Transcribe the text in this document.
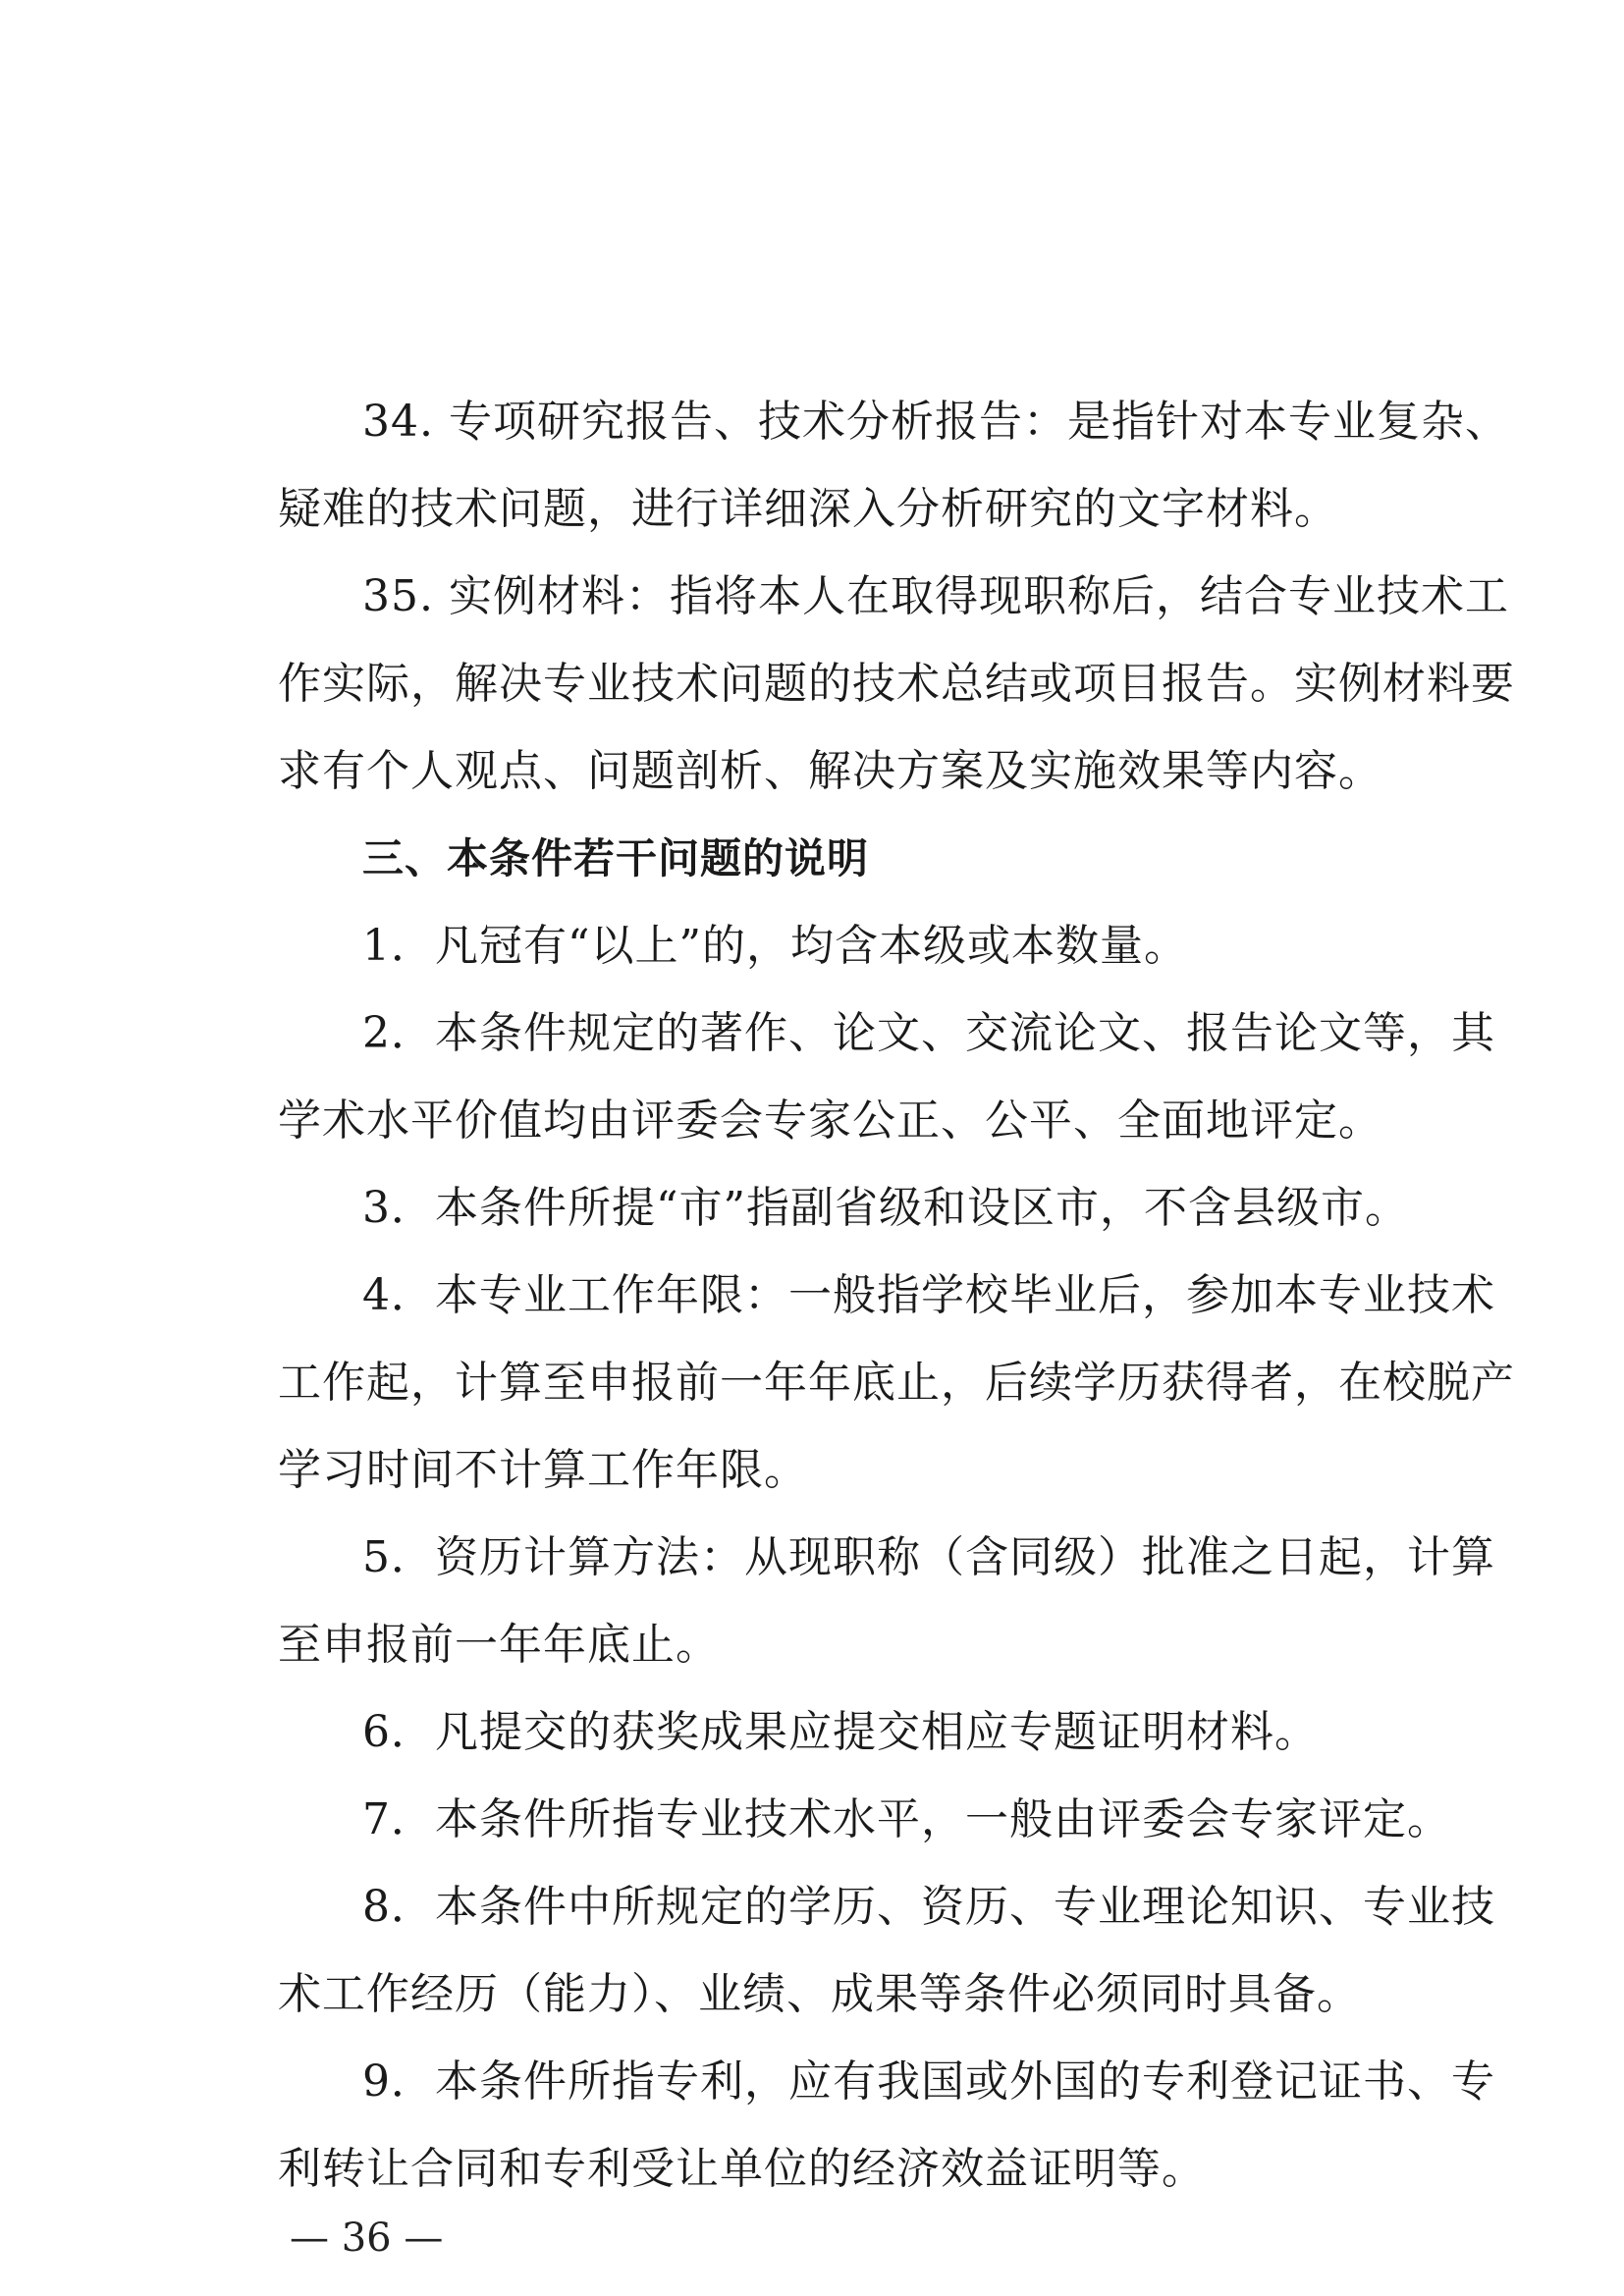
34. 专项研究报告、技术分析报告：是指针对本专业复杂、
疑难的技术问题，进行详细深入分析研究的文字材料。
35. 实例材料：指将本人在取得现职称后，结合专业技术工
作实际，解决专业技术问题的技术总结或项目报告。实例材料要
求有个人观点、问题剖析、解决方案及实施效果等内容。
三、本条件若干问题的说明
1．凡冠有“以上”的，均含本级或本数量。
2．本条件规定的著作、论文、交流论文、报告论文等，其
学术水平价值均由评委会专家公正、公平、全面地评定。
3．本条件所提“市”指副省级和设区市，不含县级市。
4．本专业工作年限：一般指学校毕业后，参加本专业技术
工作起，计算至申报前一年年底止，后续学历获得者，在校脱产
学习时间不计算工作年限。
5．资历计算方法：从现职称（含同级）批准之日起，计算
至申报前一年年底止。
6．凡提交的获奖成果应提交相应专题证明材料。
7．本条件所指专业技术水平，一般由评委会专家评定。
8．本条件中所规定的学历、资历、专业理论知识、专业技
术工作经历（能力）、业绩、成果等条件必须同时具备。
9．本条件所指专利，应有我国或外国的专利登记证书、专
利转让合同和专利受让单位的经济效益证明等。
— 36 —
